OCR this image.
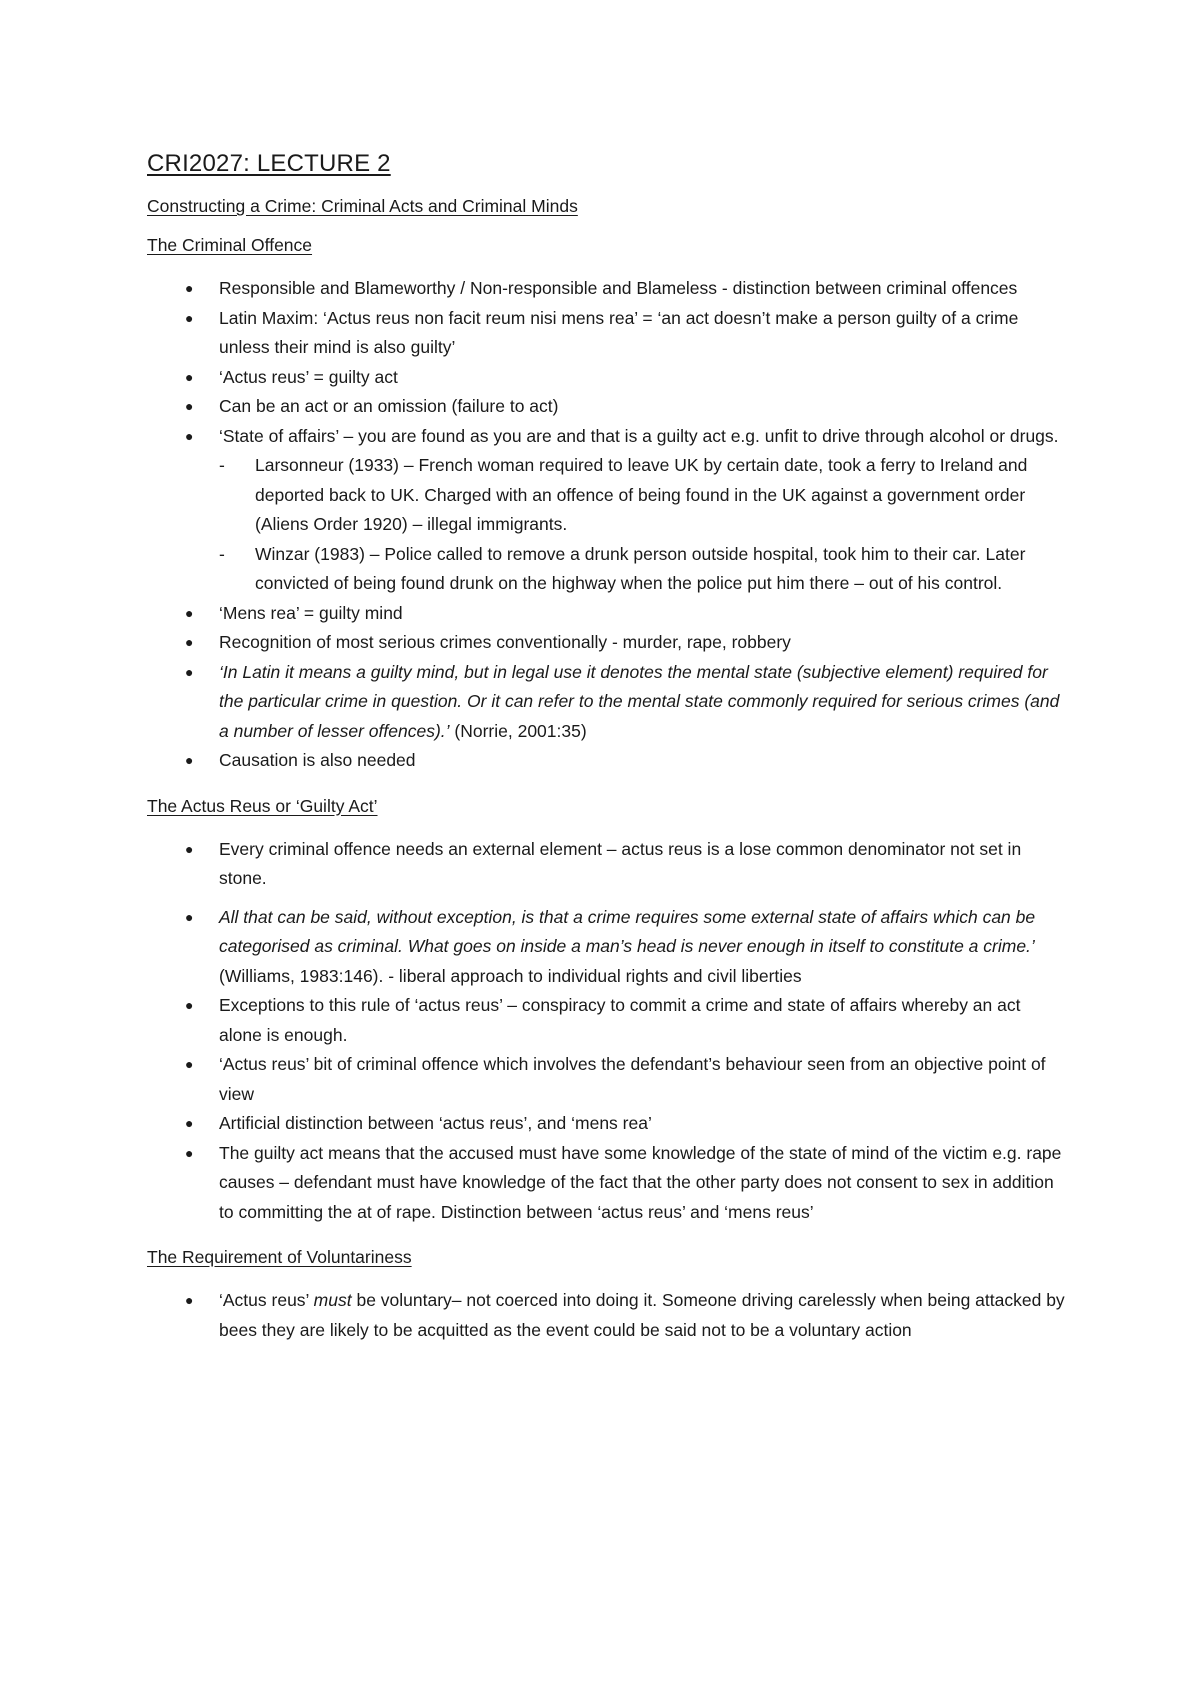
CRI2027: LECTURE 2
Constructing a Crime: Criminal Acts and Criminal Minds
The Criminal Offence
● Responsible and Blameworthy / Non-responsible and Blameless - distinction between criminal offences
● Latin Maxim: ‘Actus reus non facit reum nisi mens rea’ = ‘an act doesn’t make a person guilty of a crime unless their mind is also guilty’
● ‘Actus reus’ = guilty act
● Can be an act or an omission (failure to act)
● ‘State of affairs’ – you are found as you are and that is a guilty act e.g. unfit to drive through alcohol or drugs.
- Larsonneur (1933) – French woman required to leave UK by certain date, took a ferry to Ireland and deported back to UK. Charged with an offence of being found in the UK against a government order (Aliens Order 1920) – illegal immigrants.
- Winzar (1983) – Police called to remove a drunk person outside hospital, took him to their car. Later convicted of being found drunk on the highway when the police put him there – out of his control.
● ‘Mens rea’ = guilty mind
● Recognition of most serious crimes conventionally - murder, rape, robbery
● ‘In Latin it means a guilty mind, but in legal use it denotes the mental state (subjective element) required for the particular crime in question. Or it can refer to the mental state commonly required for serious crimes (and a number of lesser offences).’ (Norrie, 2001:35)
● Causation is also needed
The Actus Reus or ‘Guilty Act’
● Every criminal offence needs an external element – actus reus is a lose common denominator not set in stone.
● All that can be said, without exception, is that a crime requires some external state of affairs which can be categorised as criminal. What goes on inside a man’s head is never enough in itself to constitute a crime.’ (Williams, 1983:146). - liberal approach to individual rights and civil liberties
● Exceptions to this rule of ‘actus reus’ – conspiracy to commit a crime and state of affairs whereby an act alone is enough.
● ‘Actus reus’ bit of criminal offence which involves the defendant’s behaviour seen from an objective point of view
● Artificial distinction between ‘actus reus’, and ‘mens rea’
● The guilty act means that the accused must have some knowledge of the state of mind of the victim e.g. rape causes – defendant must have knowledge of the fact that the other party does not consent to sex in addition to committing the at of rape. Distinction between ‘actus reus’ and ‘mens reus’
The Requirement of Voluntariness
● ‘Actus reus’ must be voluntary– not coerced into doing it. Someone driving carelessly when being attacked by bees they are likely to be acquitted as the event could be said not to be a voluntary action
